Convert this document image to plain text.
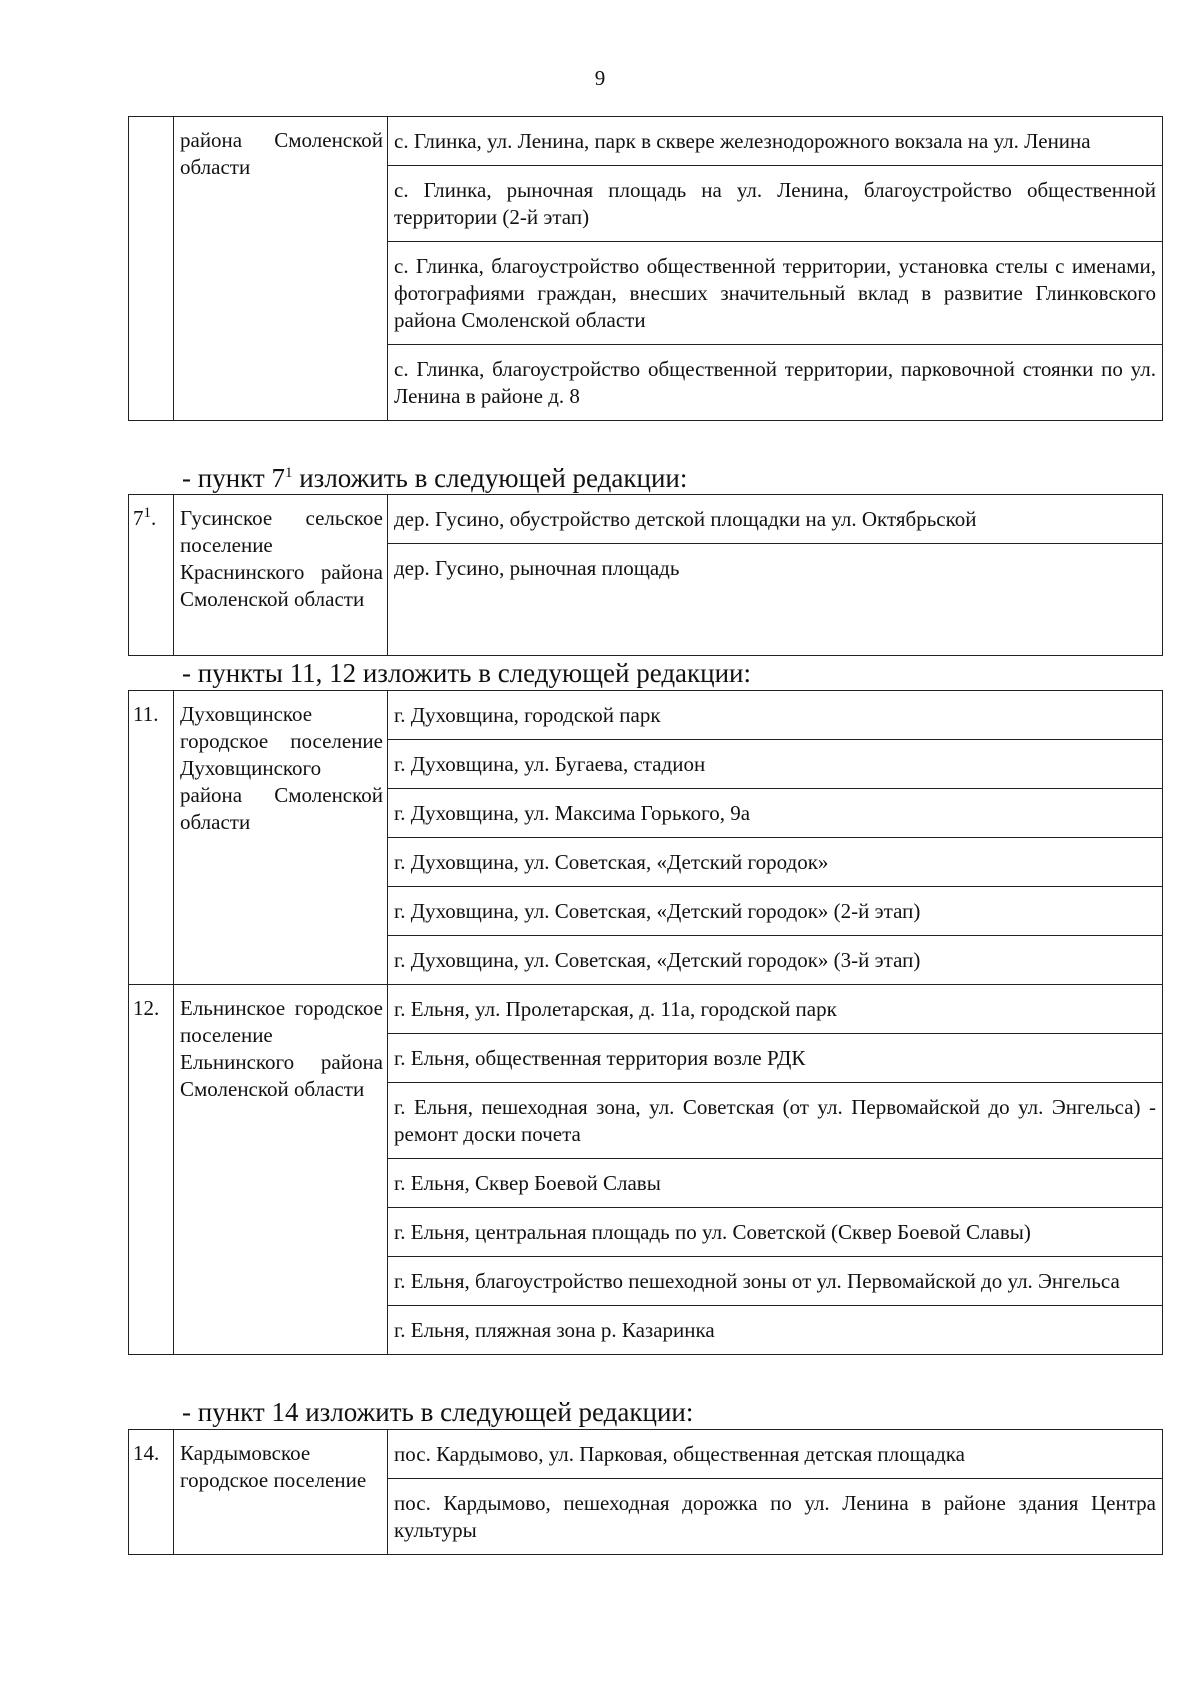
9
	района Смоленской области	с. Глинка, ул. Ленина, парк в сквере железнодорожного вокзала на ул. Ленина
с. Глинка, рыночная площадь на ул. Ленина, благоустройство общественной территории (2-й этап)
с. Глинка, благоустройство общественной территории, установка стелы с именами, фотографиями граждан, внесших значительный вклад в развитие Глинковского района Смоленской области
с. Глинка, благоустройство общественной территории, парковочной стоянки по ул. Ленина в районе д. 8
- пункт $7^1$ изложить в следующей редакции:
$7^1$.	Гусинское сельское поселение Краснинского района Смоленской области	дер. Гусино, обустройство детской площадки на ул. Октябрьской
дер. Гусино, рыночная площадь
- пункты 11, 12 изложить в следующей редакции:
11.	Духовщинское городское поселение Духовщинского района Смоленской области	г. Духовщина, городской парк
		г. Духовщина, ул. Бугаева, стадион
		г. Духовщина, ул. Максима Горького, 9а
		г. Духовщина, ул. Советская, «Детский городок»
		г. Духовщина, ул. Советская, «Детский городок» (2-й этап)
		г. Духовщина, ул. Советская, «Детский городок» (3-й этап)
12.	Ельнинское городское поселение Ельнинского района Смоленской области	г. Ельня, ул. Пролетарская, д. 11а, городской парк
		г. Ельня, общественная территория возле РДК
		г. Ельня, пешеходная зона, ул. Советская (от ул. Первомайской до ул. Энгельса) - ремонт доски почета
		г. Ельня, Сквер Боевой Славы
		г. Ельня, центральная площадь по ул. Советской (Сквер Боевой Славы)
		г. Ельня, благоустройство пешеходной зоны от ул. Первомайской до ул. Энгельса
		г. Ельня, пляжная зона р. Казаринка
- пункт 14 изложить в следующей редакции:
14.	Кардымовское городское поселение	пос. Кардымово, ул. Парковая, общественная детская площадка
пос. Кардымово, пешеходная дорожка по ул. Ленина в районе здания Центра культуры
